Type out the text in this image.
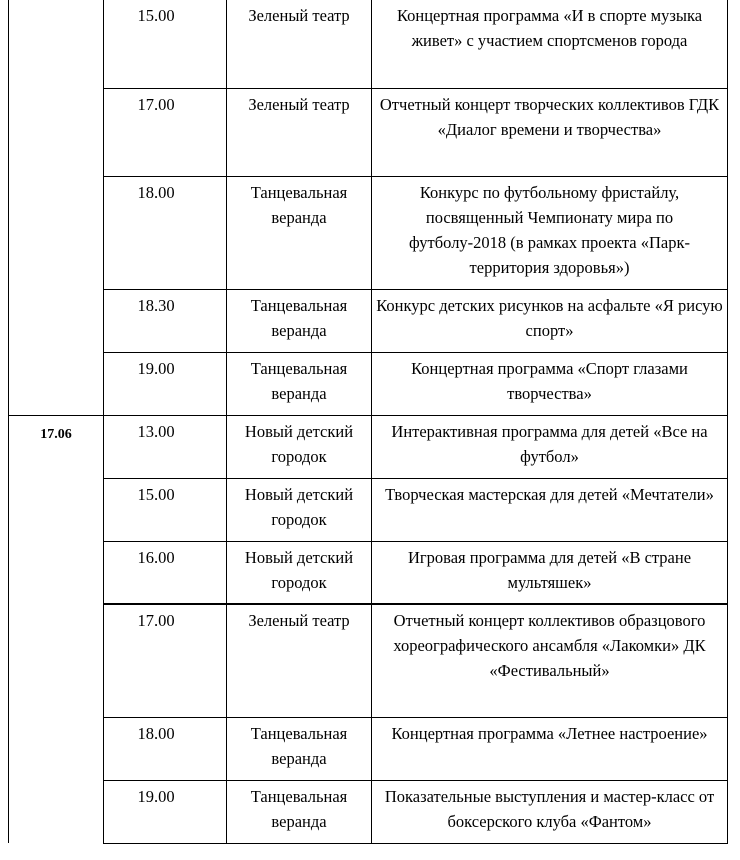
	15.00	Зеленый театр	Концертная программа «И в спорте музыка живет» с участием спортсменов города

	17.00	Зеленый театр	Отчетный концерт творческих коллективов ГДК «Диалог времени и творчества»

	18.00	Танцевальная веранда	Конкурс по футбольному фристайлу, посвященный Чемпионату мира по футболу-2018 (в рамках проекта «Парк-территория здоровья»)

	18.30	Танцевальная веранда	Конкурс детских рисунков на асфальте «Я рисую спорт»

	19.00	Танцевальная веранда	Концертная программа «Спорт глазами творчества»

17.06	13.00	Новый детский городок	Интерактивная программа для детей «Все на футбол»

	15.00	Новый детский городок	Творческая мастерская для детей «Мечтатели»

	16.00	Новый детский городок	Игровая программа для детей «В стране мультяшек»

	17.00	Зеленый театр	Отчетный концерт коллективов образцового хореографического ансамбля «Лакомки» ДК «Фестивальный»

	18.00	Танцевальная веранда	Концертная программа «Летнее настроение»

	19.00	Танцевальная веранда	Показательные выступления и мастер-класс от боксерского клуба «Фантом»
